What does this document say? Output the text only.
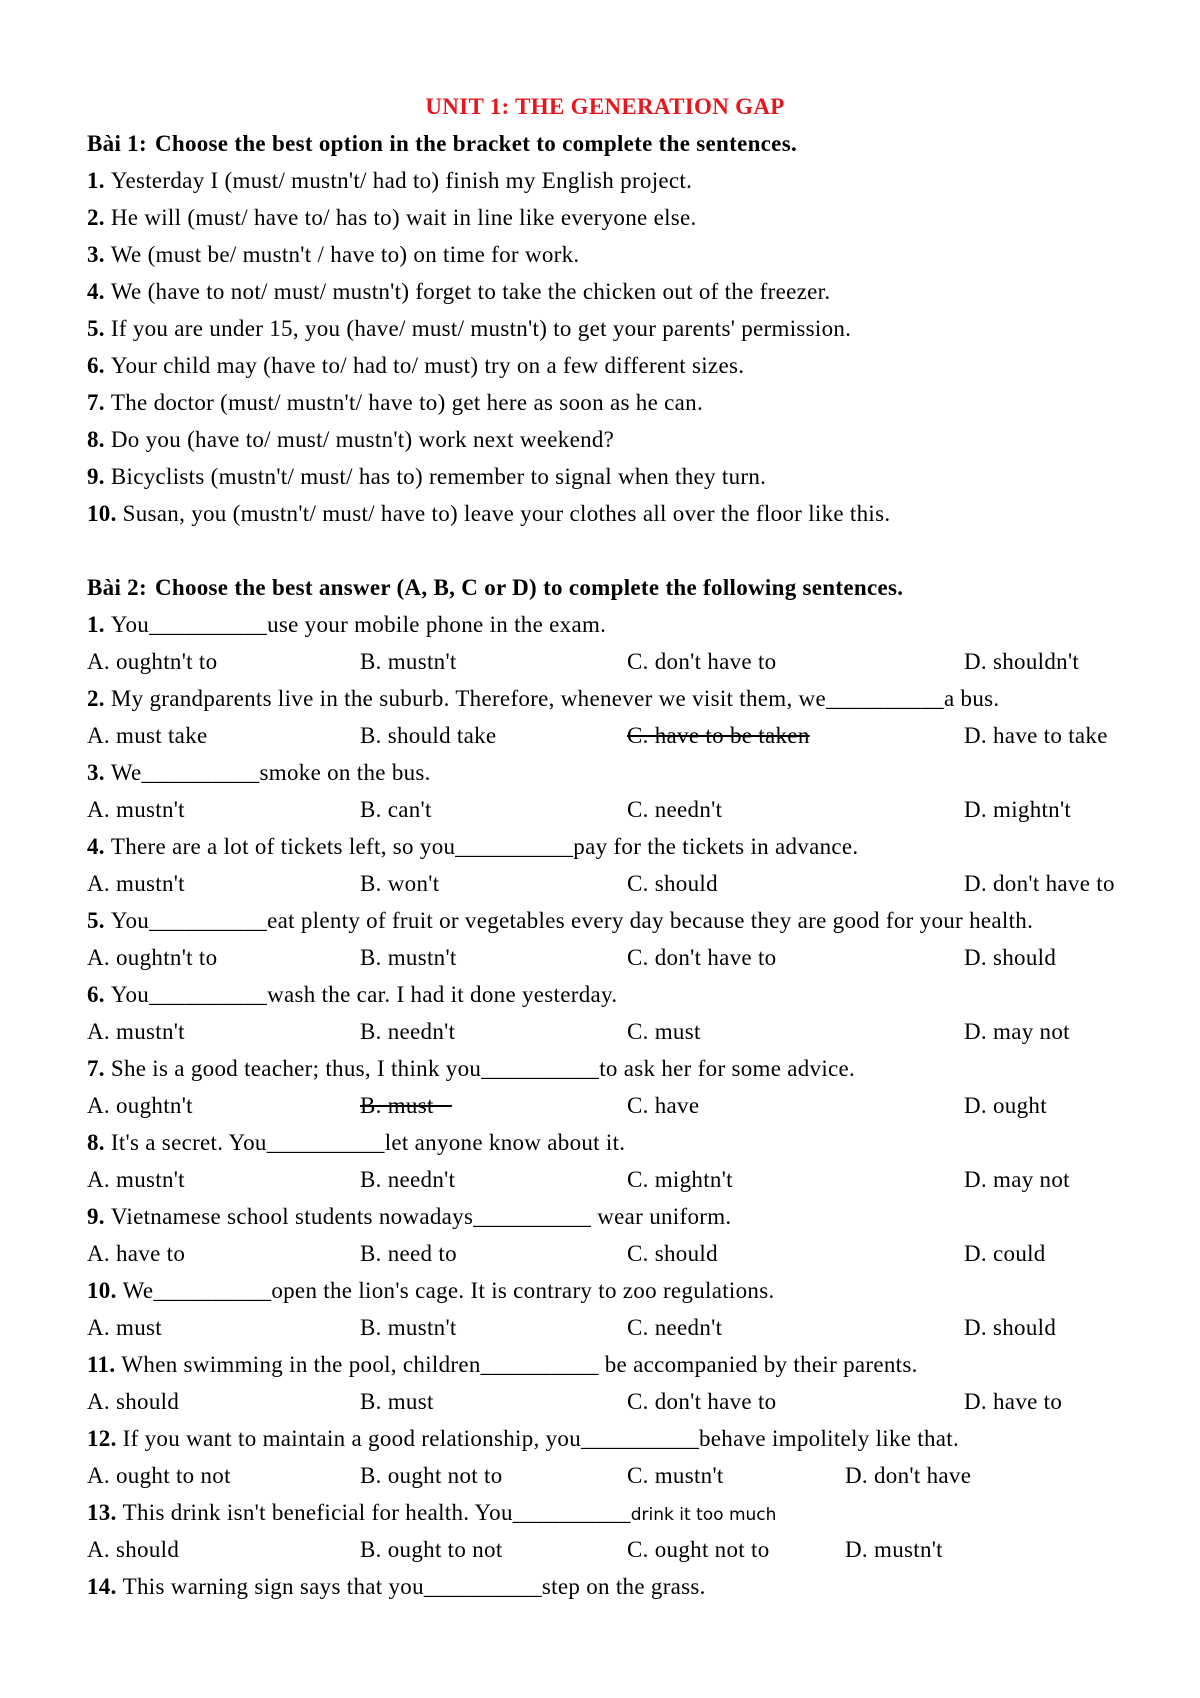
UNIT 1: THE GENERATION GAP
Bài 1: Choose the best option in the bracket to complete the sentences.
1. Yesterday I (must/ mustn't/ had to) finish my English project.
2. He will (must/ have to/ has to) wait in line like everyone else.
3. We (must be/ mustn't / have to) on time for work.
4. We (have to not/ must/ mustn't) forget to take the chicken out of the freezer.
5. If you are under 15, you (have/ must/ mustn't) to get your parents' permission.
6. Your child may (have to/ had to/ must) try on a few different sizes.
7. The doctor (must/ mustn't/ have to) get here as soon as he can.
8. Do you (have to/ must/ mustn't) work next weekend?
9. Bicyclists (mustn't/ must/ has to) remember to signal when they turn.
10. Susan, you (mustn't/ must/ have to) leave your clothes all over the floor like this.
Bài 2: Choose the best answer (A, B, C or D) to complete the following sentences.
1. You__________use your mobile phone in the exam.
A. oughtn't to	B. mustn't	C. don't have to	D. shouldn't
2. My grandparents live in the suburb. Therefore, whenever we visit them, we__________a bus.
A. must take	B. should take	C. have to be taken	D. have to take
3. We__________smoke on the bus.
A. mustn't	B. can't	C. needn't	D. mightn't
4. There are a lot of tickets left, so you__________pay for the tickets in advance.
A. mustn't	B. won't	C. should	D. don't have to
5. You__________eat plenty of fruit or vegetables every day because they are good for your health.
A. oughtn't to	B. mustn't	C. don't have to	D. should
6. You__________wash the car. I had it done yesterday.
A. mustn't	B. needn't	C. must	D. may not
7. She is a good teacher; thus, I think you__________to ask her for some advice.
A. oughtn't	B. must	C. have	D. ought
8. It's a secret. You__________let anyone know about it.
A. mustn't	B. needn't	C. mightn't	D. may not
9. Vietnamese school students nowadays__________ wear uniform.
A. have to	B. need to	C. should	D. could
10. We__________open the lion's cage. It is contrary to zoo regulations.
A. must	B. mustn't	C. needn't	D. should
11. When swimming in the pool, children__________ be accompanied by their parents.
A. should	B. must	C. don't have to	D. have to
12. If you want to maintain a good relationship, you__________behave impolitely like that.
A. ought to not	B. ought not to	C. mustn't	D. don't have
13. This drink isn't beneficial for health. You__________drink it too much
A. should	B. ought to not	C. ought not to	D. mustn't
14. This warning sign says that you__________step on the grass.
